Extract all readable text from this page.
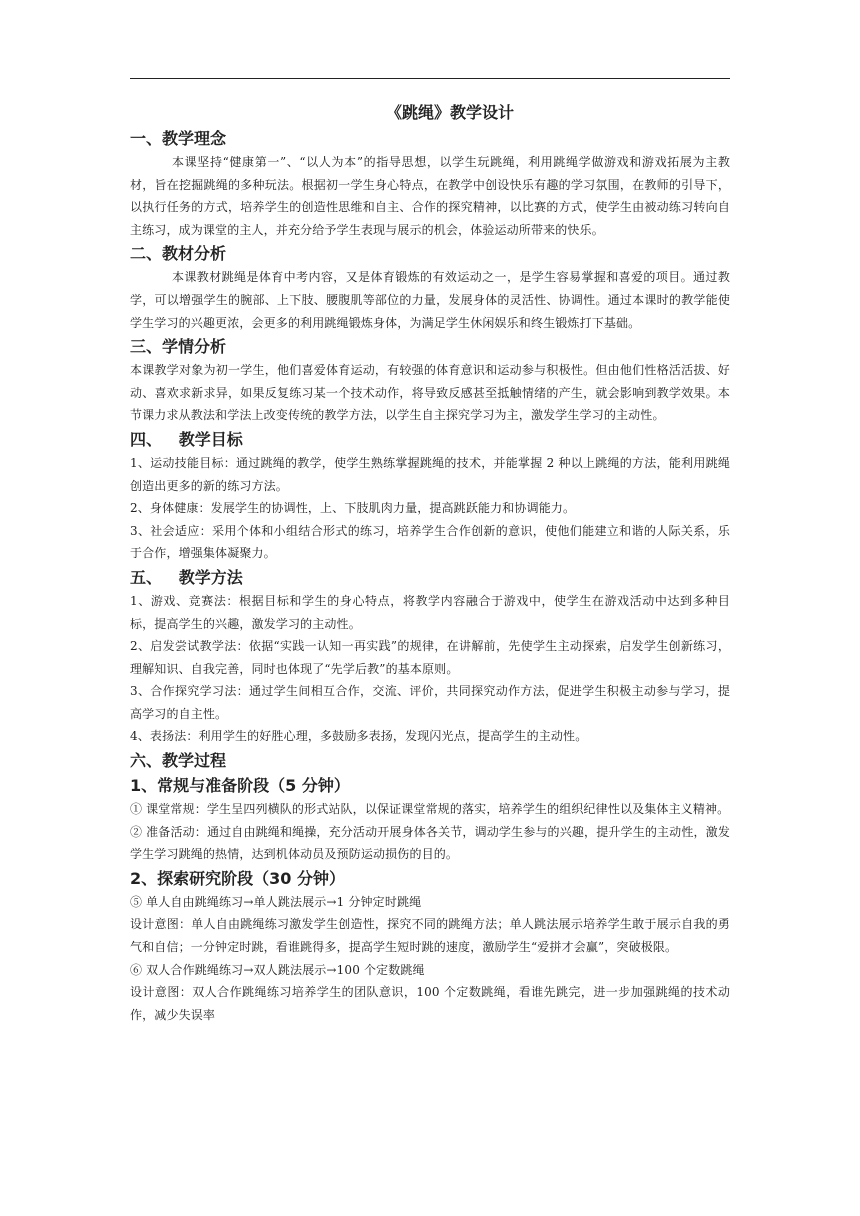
《跳绳》教学设计
一、教学理念

本课坚持“健康第一”、“以人为本”的指导思想，以学生玩跳绳，利用跳绳学做游戏和游戏拓展为主教材，旨在挖掘跳绳的多种玩法。根据初一学生身心特点，在教学中创设快乐有趣的学习氛围，在教师的引导下，以执行任务的方式，培养学生的创造性思维和自主、合作的探究精神，以比赛的方式，使学生由被动练习转向自主练习，成为课堂的主人，并充分给予学生表现与展示的机会，体验运动所带来的快乐。

二、教材分析

本课教材跳绳是体育中考内容，又是体育锻炼的有效运动之一，是学生容易掌握和喜爱的项目。通过教学，可以增强学生的腕部、上下肢、腰腹肌等部位的力量，发展身体的灵活性、协调性。通过本课时的教学能使学生学习的兴趣更浓，会更多的利用跳绳锻炼身体，为满足学生休闲娱乐和终生锻炼打下基础。

三、学情分析

本课教学对象为初一学生，他们喜爱体育运动，有较强的体育意识和运动参与积极性。但由他们性格活活拔、好动、喜欢求新求异，如果反复练习某一个技术动作，将导致反感甚至抵触情绪的产生，就会影响到教学效果。本节课力求从教法和学法上改变传统的教学方法，以学生自主探究学习为主，激发学生学习的主动性。

四、   教学目标

1、运动技能目标：通过跳绳的教学，使学生熟练掌握跳绳的技术，并能掌握 2 种以上跳绳的方法，能利用跳绳创造出更多的新的练习方法。

2、身体健康：发展学生的协调性，上、下肢肌肉力量，提高跳跃能力和协调能力。

3、社会适应：采用个体和小组结合形式的练习，培养学生合作创新的意识，使他们能建立和谐的人际关系，乐于合作，增强集体凝聚力。

五、   教学方法

1、游戏、竞赛法：根据目标和学生的身心特点，将教学内容融合于游戏中，使学生在游戏活动中达到多种目标，提高学生的兴趣，激发学习的主动性。

2、启发尝试教学法：依据“实践一认知一再实践”的规律，在讲解前，先使学生主动探索，启发学生创新练习，理解知识、自我完善，同时也体现了“先学后教”的基本原则。

3、合作探究学习法：通过学生间相互合作，交流、评价，共同探究动作方法，促进学生积极主动参与学习，提高学习的自主性。

4、表扬法：利用学生的好胜心理，多鼓励多表扬，发现闪光点，提高学生的主动性。

六、教学过程
1、常规与准备阶段（5 分钟）

① 课堂常规：学生呈四列横队的形式站队，以保证课堂常规的落实，培养学生的组织纪律性以及集体主义精神。

② 准备活动：通过自由跳绳和绳操，充分活动开展身体各关节，调动学生参与的兴趣，提升学生的主动性，激发学生学习跳绳的热情，达到机体动员及预防运动损伤的目的。

2、探索研究阶段（30 分钟）

⑤ 单人自由跳绳练习→单人跳法展示→1 分钟定时跳绳

设计意图：单人自由跳绳练习激发学生创造性，探究不同的跳绳方法；单人跳法展示培养学生敢于展示自我的勇气和自信；一分钟定时跳，看谁跳得多，提高学生短时跳的速度，激励学生“爱拼才会赢”，突破极限。

⑥ 双人合作跳绳练习→双人跳法展示→100 个定数跳绳

设计意图：双人合作跳绳练习培养学生的团队意识，100 个定数跳绳，看谁先跳完，进一步加强跳绳的技术动作，减少失误率
